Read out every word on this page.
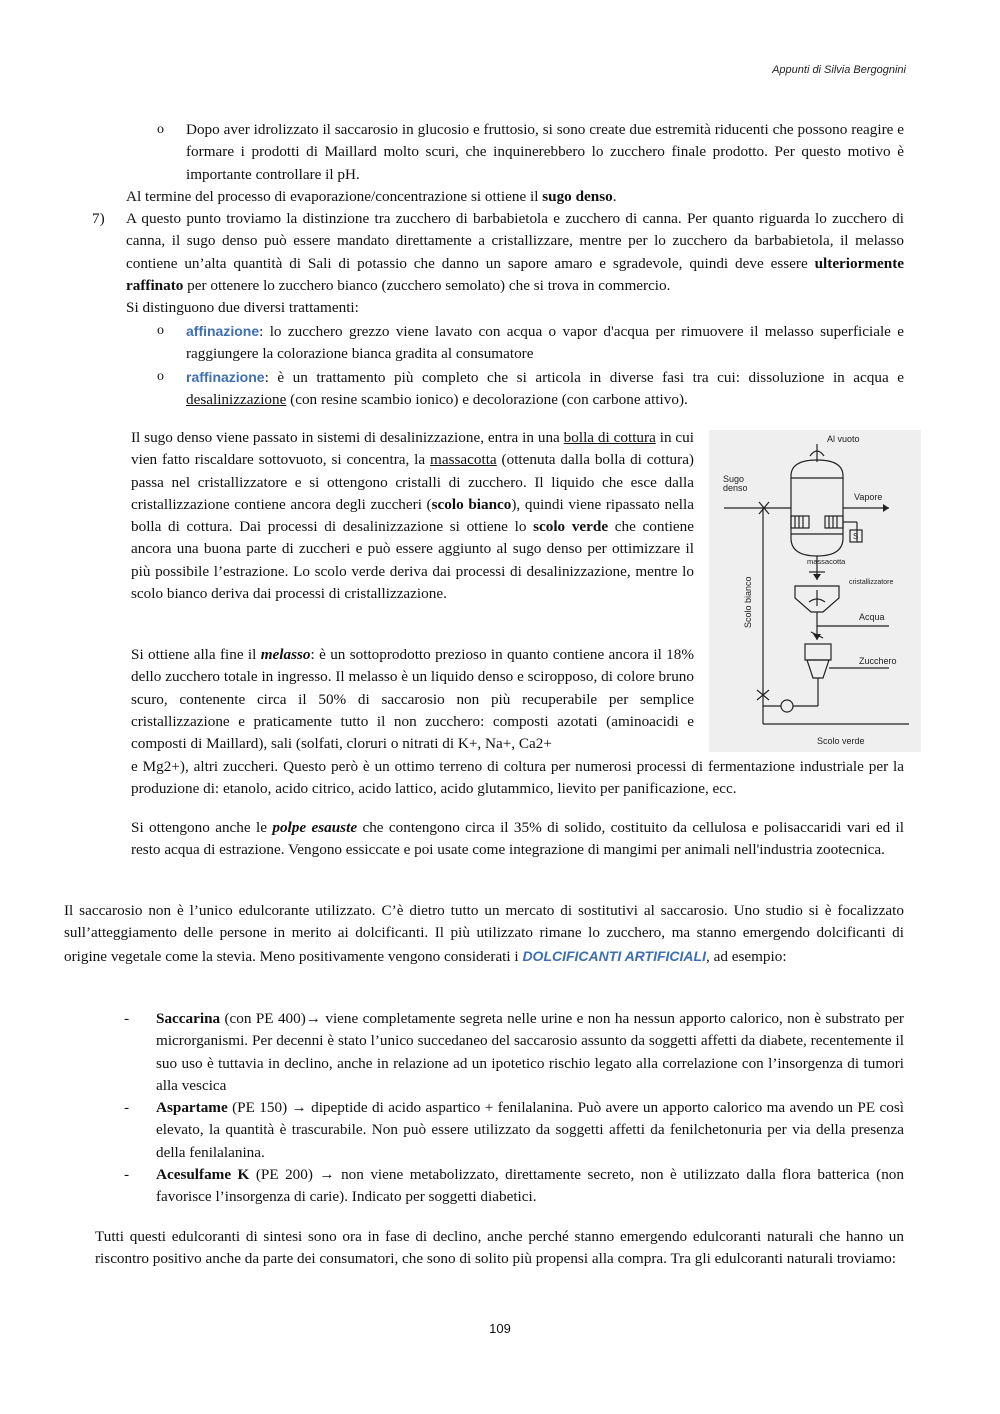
Appunti di Silvia Bergognini
o Dopo aver idrolizzato il saccarosio in glucosio e fruttosio, si sono create due estremità riducenti che possono reagire e formare i prodotti di Maillard molto scuri, che inquinerebbero lo zucchero finale prodotto. Per questo motivo è importante controllare il pH.
Al termine del processo di evaporazione/concentrazione si ottiene il sugo denso.
7) A questo punto troviamo la distinzione tra zucchero di barbabietola e zucchero di canna. Per quanto riguarda lo zucchero di canna, il sugo denso può essere mandato direttamente a cristallizzare, mentre per lo zucchero da barbabietola, il melasso contiene un’alta quantità di Sali di potassio che danno un sapore amaro e sgradevole, quindi deve essere ulteriormente raffinato per ottenere lo zucchero bianco (zucchero semolato) che si trova in commercio.
Si distinguono due diversi trattamenti:
o affinazione: lo zucchero grezzo viene lavato con acqua o vapor d'acqua per rimuovere il melasso superficiale e raggiungere la colorazione bianca gradita al consumatore
o raffinazione: è un trattamento più completo che si articola in diverse fasi tra cui: dissoluzione in acqua e desalinizzazione (con resine scambio ionico) e decolorazione (con carbone attivo).
Il sugo denso viene passato in sistemi di desalinizzazione, entra in una bolla di cottura in cui vien fatto riscaldare sottovuoto, si concentra, la massacotta (ottenuta dalla bolla di cottura) passa nel cristallizzatore e si ottengono cristalli di zucchero. Il liquido che esce dalla cristallizzazione contiene ancora degli zuccheri (scolo bianco), quindi viene ripassato nella bolla di cottura. Dai processi di desalinizzazione si ottiene lo scolo verde che contiene ancora una buona parte di zuccheri e può essere aggiunto al sugo denso per ottimizzare il più possibile l’estrazione. Lo scolo verde deriva dai processi di desalinizzazione, mentre lo scolo bianco deriva dai processi di cristallizzazione.
Si ottiene alla fine il melasso: è un sottoprodotto prezioso in quanto contiene ancora il 18% dello zucchero totale in ingresso. Il melasso è un liquido denso e sciropposo, di colore bruno scuro, contenente circa il 50% di saccarosio non più recuperabile per semplice cristallizzazione e praticamente tutto il non zucchero: composti azotati (aminoacidi e composti di Maillard), sali (solfati, cloruri o nitrati di K+, Na+, Ca2+
e Mg2+), altri zuccheri. Questo però è un ottimo terreno di coltura per numerosi processi di fermentazione industriale per la produzione di: etanolo, acido citrico, acido lattico, acido glutammico, lievito per panificazione, ecc.
Si ottengono anche le polpe esauste che contengono circa il 35% di solido, costituito da cellulosa e polisaccaridi vari ed il resto acqua di estrazione. Vengono essiccate e poi usate come integrazione di mangimi per animali nell'industria zootecnica.
Il saccarosio non è l’unico edulcorante utilizzato. C’è dietro tutto un mercato di sostitutivi al saccarosio. Uno studio si è focalizzato sull’atteggiamento delle persone in merito ai dolcificanti. Il più utilizzato rimane lo zucchero, ma stanno emergendo dolcificanti di origine vegetale come la stevia. Meno positivamente vengono considerati i DOLCIFICANTI ARTIFICIALI, ad esempio:
- Saccarina (con PE 400)→ viene completamente segreta nelle urine e non ha nessun apporto calorico, non è substrato per microrganismi. Per decenni è stato l’unico succedaneo del saccarosio assunto da soggetti affetti da diabete, recentemente il suo uso è tuttavia in declino, anche in relazione ad un ipotetico rischio legato alla correlazione con l’insorgenza di tumori alla vescica
- Aspartame (PE 150) → dipeptide di acido aspartico + fenilalanina. Può avere un apporto calorico ma avendo un PE così elevato, la quantità è trascurabile. Non può essere utilizzato da soggetti affetti da fenilchetonuria per via della presenza della fenilalanina.
- Acesulfame K (PE 200) → non viene metabolizzato, direttamente secreto, non è utilizzato dalla flora batterica (non favorisce l’insorgenza di carie). Indicato per soggetti diabetici.
Tutti questi edulcoranti di sintesi sono ora in fase di declino, anche perché stanno emergendo edulcoranti naturali che hanno un riscontro positivo anche da parte dei consumatori, che sono di solito più propensi alla compra. Tra gli edulcoranti naturali troviamo:
Al vuoto
Sugo
denso
Vapore
S
massacotta
cristallizzatore
Acqua
Zucchero
Scolo bianco
Scolo verde
109
